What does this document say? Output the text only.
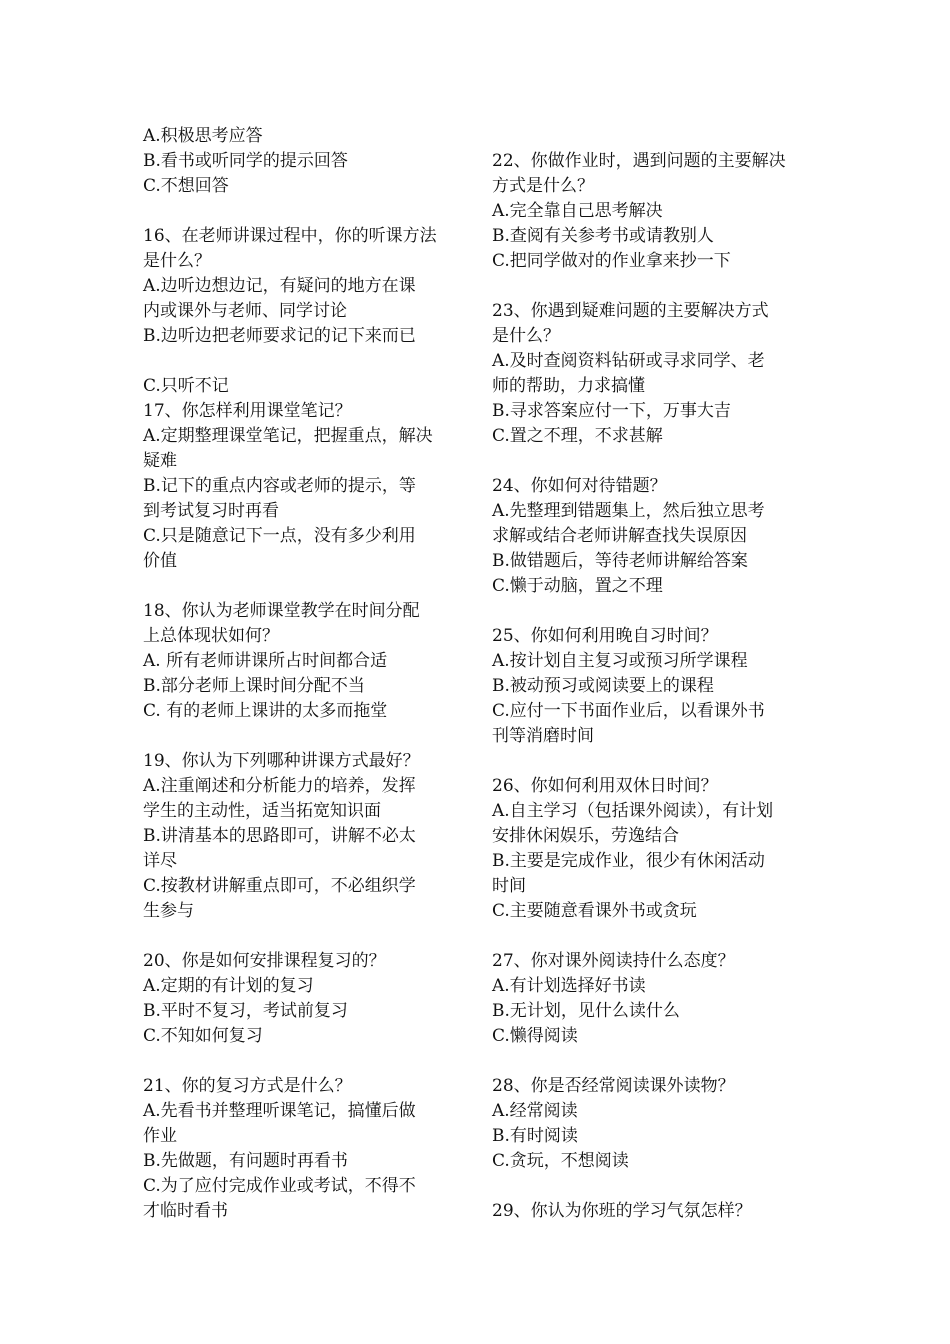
A.积极思考应答
B.看书或听同学的提示回答
C.不想回答
16、在老师讲课过程中，你的听课方法
是什么？
A.边听边想边记，有疑问的地方在课
内或课外与老师、同学讨论
B.边听边把老师要求记的记下来而已
C.只听不记
17、你怎样利用课堂笔记？
A.定期整理课堂笔记，把握重点，解决
疑难
B.记下的重点内容或老师的提示，等
到考试复习时再看
C.只是随意记下一点，没有多少利用
价值
18、你认为老师课堂教学在时间分配
上总体现状如何？
A. 所有老师讲课所占时间都合适
B.部分老师上课时间分配不当
C. 有的老师上课讲的太多而拖堂
19、你认为下列哪种讲课方式最好？
A.注重阐述和分析能力的培养，发挥
学生的主动性，适当拓宽知识面
B.讲清基本的思路即可，讲解不必太
详尽
C.按教材讲解重点即可，不必组织学
生参与
20、你是如何安排课程复习的？
A.定期的有计划的复习
B.平时不复习，考试前复习
C.不知如何复习
21、你的复习方式是什么？
A.先看书并整理听课笔记，搞懂后做
作业
B.先做题，有问题时再看书
C.为了应付完成作业或考试，不得不
才临时看书
22、你做作业时，遇到问题的主要解决
方式是什么？
A.完全靠自己思考解决
B.查阅有关参考书或请教别人
C.把同学做对的作业拿来抄一下
23、你遇到疑难问题的主要解决方式
是什么？
A.及时查阅资料钻研或寻求同学、老
师的帮助，力求搞懂
B.寻求答案应付一下，万事大吉
C.置之不理，不求甚解
24、你如何对待错题？
A.先整理到错题集上，然后独立思考
求解或结合老师讲解查找失误原因
B.做错题后，等待老师讲解给答案
C.懒于动脑，置之不理
25、你如何利用晚自习时间？
A.按计划自主复习或预习所学课程
B.被动预习或阅读要上的课程
C.应付一下书面作业后，以看课外书
刊等消磨时间
26、你如何利用双休日时间？
A.自主学习（包括课外阅读），有计划
安排休闲娱乐，劳逸结合
B.主要是完成作业，很少有休闲活动
时间
C.主要随意看课外书或贪玩
27、你对课外阅读持什么态度？
A.有计划选择好书读
B.无计划，见什么读什么
C.懒得阅读
28、你是否经常阅读课外读物？
A.经常阅读
B.有时阅读
C.贪玩，不想阅读
29、你认为你班的学习气氛怎样？
